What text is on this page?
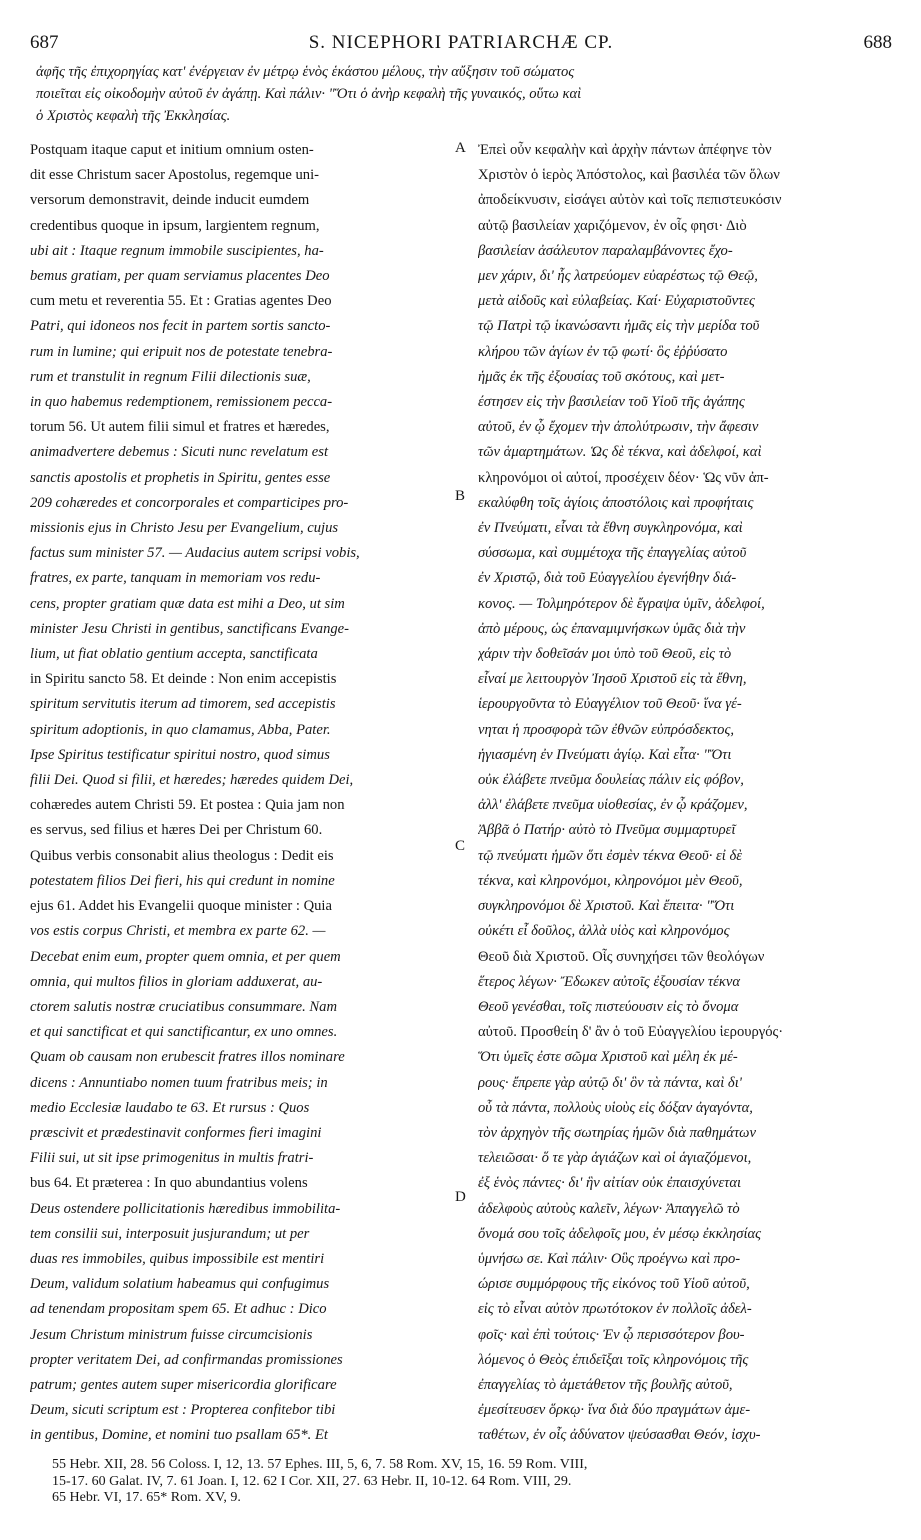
687	S. NICEPHORI PATRIARCHÆ CP.	688
ἀφῆς τῆς ἐπιχορηγίας κατ' ἐνέργειαν ἐν μέτρῳ ἑνὸς ἑκάστου μέλους, τὴν αὔξησιν τοῦ σώματος
ποιεῖται εἰς οἰκοδομὴν αὐτοῦ ἐν ἀγάπῃ. Καὶ πάλιν· "Ὅτι ὁ ἀνὴρ κεφαλὴ τῆς γυναικός, οὕτω καὶ
ὁ Χριστὸς κεφαλὴ τῆς Ἐκκλησίας.
Postquam itaque caput et initium omnium osten-
dit esse Christum sacer Apostolus, regemque uni-
versorum demonstravit, deinde inducit eumdem
credentibus quoque in ipsum, largientem regnum,
ubi ait : Itaque regnum immobile suscipientes, ha-
bemus gratiam, per quam serviamus placentes Deo
cum metu et reverentia 55. Et : Gratias agentes Deo
Patri, qui idoneos nos fecit in partem sortis sancto-
rum in lumine; qui eripuit nos de potestate tenebra-
rum et transtulit in regnum Filii dilectionis suæ,
in quo habemus redemptionem, remissionem pecca-
torum 56. Ut autem filii simul et fratres et hæredes,
animadvertere debemus : Sicuti nunc revelatum est
sanctis apostolis et prophetis in Spiritu, gentes esse
209 cohæredes et concorporales et comparticipes pro-
missionis ejus in Christo Jesu per Evangelium, cujus
factus sum minister 57. — Audacius autem scripsi vobis,
fratres, ex parte, tanquam in memoriam vos redu-
cens, propter gratiam quæ data est mihi a Deo, ut sim
minister Jesu Christi in gentibus, sanctificans Evange-
lium, ut fiat oblatio gentium accepta, sanctificata
in Spiritu sancto 58. Et deinde : Non enim accepistis
spiritum servitutis iterum ad timorem, sed accepistis
spiritum adoptionis, in quo clamamus, Abba, Pater.
Ipse Spiritus testificatur spiritui nostro, quod simus
filii Dei. Quod si filii, et hæredes; hæredes quidem Dei,
cohæredes autem Christi 59. Et postea : Quia jam non
es servus, sed filius et hæres Dei per Christum 60.
Quibus verbis consonabit alius theologus : Dedit eis
potestatem filios Dei fieri, his qui credunt in nomine
ejus 61. Addet his Evangelii quoque minister : Quia
vos estis corpus Christi, et membra ex parte 62. —
Decebat enim eum, propter quem omnia, et per quem
omnia, qui multos filios in gloriam adduxerat, au-
ctorem salutis nostræ cruciatibus consummare. Nam
et qui sanctificat et qui sanctificantur, ex uno omnes.
Quam ob causam non erubescit fratres illos nominare
dicens : Annuntiabo nomen tuum fratribus meis; in
medio Ecclesiæ laudabo te 63. Et rursus : Quos
præscivit et prædestinavit conformes fieri imagini
Filii sui, ut sit ipse primogenitus in multis fratri-
bus 64. Et præterea : In quo abundantius volens
Deus ostendere pollicitationis hæredibus immobilita-
tem consilii sui, interposuit jusjurandum; ut per
duas res immobiles, quibus impossibile est mentiri
Deum, validum solatium habeamus qui confugimus
ad tenendam propositam spem 65. Et adhuc : Dico
Jesum Christum ministrum fuisse circumcisionis
propter veritatem Dei, ad confirmandas promissiones
patrum; gentes autem super misericordia glorificare
Deum, sicuti scriptum est : Propterea confitebor tibi
in gentibus, Domine, et nomini tuo psallam 65*. Et
Ἐπεὶ οὖν κεφαλὴν καὶ ἀρχὴν πάντων ἀπέφηνε τὸν
Χριστὸν ὁ ἱερὸς Ἀπόστολος, καὶ βασιλέα τῶν ὅλων
ἀποδείκνυσιν, εἰσάγει αὐτὸν καὶ τοῖς πεπιστευκόσιν
αὐτῷ βασιλείαν χαριζόμενον, ἐν οἷς φησι· Διὸ
βασιλείαν ἀσάλευτον παραλαμβάνοντες ἔχο-
μεν χάριν, δι' ἧς λατρεύομεν εὐαρέστως τῷ Θεῷ,
μετὰ αἰδοῦς καὶ εὐλαβείας. Καί· Εὐχαριστοῦντες
τῷ Πατρὶ τῷ ἱκανώσαντι ἡμᾶς εἰς τὴν μερίδα τοῦ
κλήρου τῶν ἁγίων ἐν τῷ φωτί· ὃς ἐῤῥύσατο
ἡμᾶς ἐκ τῆς ἐξουσίας τοῦ σκότους, καὶ μετ-
έστησεν εἰς τὴν βασιλείαν τοῦ Υἱοῦ τῆς ἀγάπης
αὐτοῦ, ἐν ᾧ ἔχομεν τὴν ἀπολύτρωσιν, τὴν ἄφεσιν
τῶν ἁμαρτημάτων. Ὡς δὲ τέκνα, καὶ ἀδελφοί, καὶ
κληρονόμοι οἱ αὐτοί, προσέχειν δέον· Ὡς νῦν ἀπ-
εκαλύφθη τοῖς ἁγίοις ἀποστόλοις καὶ προφήταις
ἐν Πνεύματι, εἶναι τὰ ἔθνη συγκληρονόμα, καὶ
σύσσωμα, καὶ συμμέτοχα τῆς ἐπαγγελίας αὐτοῦ
ἐν Χριστῷ, διὰ τοῦ Εὐαγγελίου ἐγενήθην διά-
κονος. — Τολμηρότερον δὲ ἔγραψα ὑμῖν, ἀδελφοί,
ἀπὸ μέρους, ὡς ἐπαναμιμνήσκων ὑμᾶς διὰ τὴν
χάριν τὴν δοθεῖσάν μοι ὑπὸ τοῦ Θεοῦ, εἰς τὸ
εἶναί με λειτουργὸν Ἰησοῦ Χριστοῦ εἰς τὰ ἔθνη,
ἱερουργοῦντα τὸ Εὐαγγέλιον τοῦ Θεοῦ· ἵνα γέ-
νηται ἡ προσφορὰ τῶν ἐθνῶν εὐπρόσδεκτος,
ἡγιασμένη ἐν Πνεύματι ἁγίῳ. Καὶ εἶτα· "Ὅτι
οὐκ ἐλάβετε πνεῦμα δουλείας πάλιν εἰς φόβον,
ἀλλ' ἐλάβετε πνεῦμα υἱοθεσίας, ἐν ᾧ κράζομεν,
Ἀββᾶ ὁ Πατήρ· αὐτὸ τὸ Πνεῦμα συμμαρτυρεῖ
τῷ πνεύματι ἡμῶν ὅτι ἐσμὲν τέκνα Θεοῦ· εἰ δὲ
τέκνα, καὶ κληρονόμοι, κληρονόμοι μὲν Θεοῦ,
συγκληρονόμοι δὲ Χριστοῦ. Καὶ ἔπειτα· "Ὅτι
οὐκέτι εἶ δοῦλος, ἀλλὰ υἱὸς καὶ κληρονόμος
Θεοῦ διὰ Χριστοῦ. Οἷς συνηχήσει τῶν θεολόγων
ἕτερος λέγων· Ἔδωκεν αὐτοῖς ἐξουσίαν τέκνα
Θεοῦ γενέσθαι, τοῖς πιστεύουσιν εἰς τὸ ὄνομα
αὐτοῦ. Προσθείη δ' ἂν ὁ τοῦ Εὐαγγελίου ἱερουργός·
Ὅτι ὑμεῖς ἐστε σῶμα Χριστοῦ καὶ μέλη ἐκ μέ-
ρους· ἔπρεπε γὰρ αὐτῷ δι' ὃν τὰ πάντα, καὶ δι'
οὗ τὰ πάντα, πολλοὺς υἱοὺς εἰς δόξαν ἀγαγόντα,
τὸν ἀρχηγὸν τῆς σωτηρίας ἡμῶν διὰ παθημάτων
τελειῶσαι· ὅ τε γὰρ ἁγιάζων καὶ οἱ ἁγιαζόμενοι,
ἐξ ἑνὸς πάντες· δι' ἣν αἰτίαν οὐκ ἐπαισχύνεται
ἀδελφοὺς αὐτοὺς καλεῖν, λέγων· Ἀπαγγελῶ τὸ
ὄνομά σου τοῖς ἀδελφοῖς μου, ἐν μέσῳ ἐκκλησίας
ὑμνήσω σε. Καὶ πάλιν· Οὓς προέγνω καὶ προ-
ώρισε συμμόρφους τῆς εἰκόνος τοῦ Υἱοῦ αὐτοῦ,
εἰς τὸ εἶναι αὐτὸν πρωτότοκον ἐν πολλοῖς ἀδελ-
φοῖς· καὶ ἐπὶ τούτοις· Ἐν ᾧ περισσότερον βου-
λόμενος ὁ Θεὸς ἐπιδεῖξαι τοῖς κληρονόμοις τῆς
ἐπαγγελίας τὸ ἀμετάθετον τῆς βουλῆς αὐτοῦ,
ἐμεσίτευσεν ὅρκῳ· ἵνα διὰ δύο πραγμάτων ἀμε-
ταθέτων, ἐν οἷς ἀδύνατον ψεύσασθαι Θεόν, ἰσχυ-
A
B
C
D
55 Hebr. XII, 28. 56 Coloss. I, 12, 13. 57 Ephes. III, 5, 6, 7. 58 Rom. XV, 15, 16. 59 Rom. VIII,
15-17. 60 Galat. IV, 7. 61 Joan. I, 12. 62 I Cor. XII, 27. 63 Hebr. II, 10-12. 64 Rom. VIII, 29.
65 Hebr. VI, 17. 65* Rom. XV, 9.
